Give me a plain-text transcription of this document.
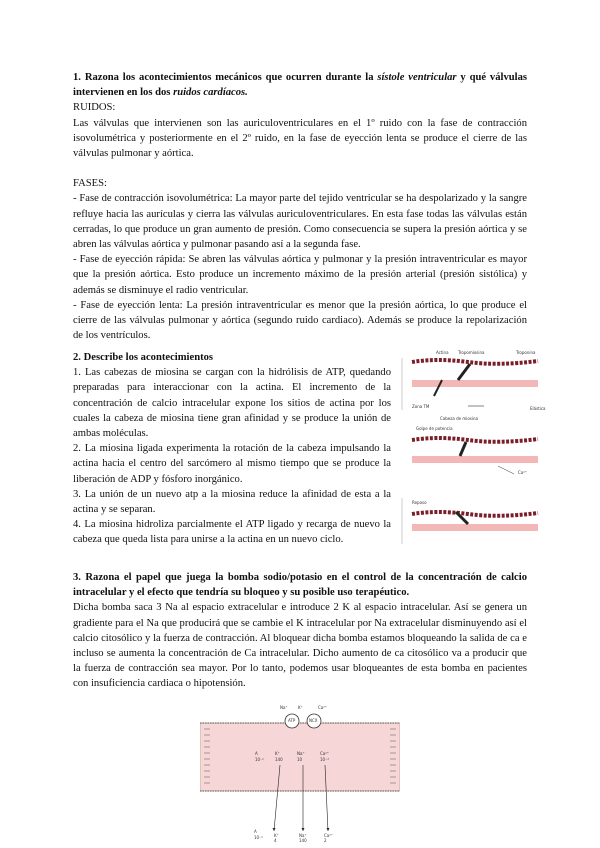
1. Razona los acontecimientos mecánicos que ocurren durante la sístole ventricular y qué válvulas intervienen en los dos ruidos cardíacos.

RUIDOS:

Las válvulas que intervienen son las auriculoventriculares en el 1º ruido con la fase de contracción isovolumétrica y posteriormente en el 2º ruido, en la fase de eyección lenta se produce el cierre de las válvulas pulmonar y aórtica.

FASES:

- Fase de contracción isovolumétrica: La mayor parte del tejido ventricular se ha despolarizado y la sangre refluye hacia las aurículas y cierra las válvulas auriculoventriculares. En esta fase todas las válvulas están cerradas, lo que produce un gran aumento de presión. Como consecuencia se supera la presión aórtica y se abren las válvulas aórtica y pulmonar pasando así a la segunda fase.

- Fase de eyección rápida: Se abren las válvulas aórtica y pulmonar y la presión intraventricular es mayor que la presión aórtica. Esto produce un incremento máximo de la presión arterial (presión sistólica) y además se disminuye el radio ventricular.

- Fase de eyección lenta: La presión intraventricular es menor que la presión aórtica, lo que produce el cierre de las válvulas pulmonar y aórtica (segundo ruido cardiaco). Además se produce la repolarización de los ventrículos.

2. Describe los acontecimientos

1. Las cabezas de miosina se cargan con la hidrólisis de ATP, quedando preparadas para interaccionar con la actina. El incremento de la concentración de calcio intracelular expone los sitios de actina por los cuales la cabeza de miosina tiene gran afinidad y se produce la unión de ambas moléculas.

2. La miosina ligada experimenta la rotación de la cabeza impulsando la actina hacia el centro del sarcómero al mismo tiempo que se produce la liberación de ADP y fósforo inorgánico.

3. La unión de un nuevo atp a la miosina reduce la afinidad de esta a la actina y se separan.

4. La miosina hidroliza parcialmente el ATP ligado y recarga de nuevo la cabeza que queda lista para unirse a la actina en un nuevo ciclo.

Actina Tropomiosina	Troponina
Zona TM	Elástica
Golpe de potencia
Cabeza de miosina
Ca²⁺
Reposo

3. Razona el papel que juega la bomba sodio/potasio en el control de la concentración de calcio intracelular y el efecto que tendría su bloqueo y su posible uso terapéutico.

Dicha bomba saca 3 Na al espacio extracelular e introduce 2 K al espacio intracelular. Así se genera un gradiente para el Na que producirá que se cambie el K intracelular por Na extracelular disminuyendo así el calcio citosólico y la fuerza de contracción. Al bloquear dicha bomba estamos bloqueando la salida de ca e incluso se aumenta la concentración de Ca intracelular. Dicho aumento de ca citosólico va a producir que la fuerza de contracción sea mayor. Por lo tanto, podemos usar bloqueantes de esta bomba en pacientes con insuficiencia cardiaca o hipotensión.

ATP	NCX
Na⁺	K⁺	Ca²⁺
A	K⁺	Na⁺	Ca²⁺
10⁻²	140	10	10⁻⁴
A
K⁺	Na⁺	Ca²⁺
10⁻²
4	140	2
